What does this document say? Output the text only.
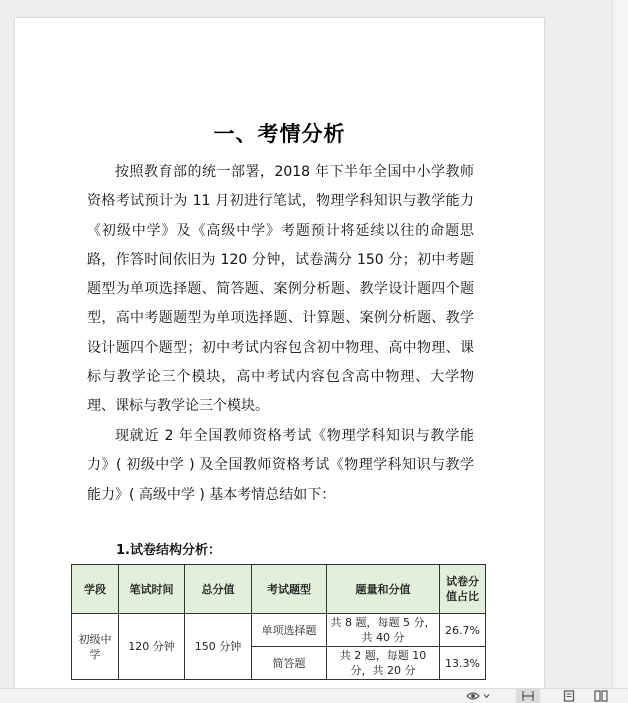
一、考情分析

按照教育部的统一部署，2018 年下半年全国中小学教师资格考试预计为 11 月初进行笔试，物理学科知识与教学能力《初级中学》及《高级中学》考题预计将延续以往的命题思路，作答时间依旧为 120 分钟，试卷满分 150 分；初中考题题型为单项选择题、简答题、案例分析题、教学设计题四个题型，高中考题题型为单项选择题、计算题、案例分析题、教学设计题四个题型；初中考试内容包含初中物理、高中物理、课标与教学论三个模块，高中考试内容包含高中物理、大学物理、课标与教学论三个模块。

现就近 2 年全国教师资格考试《物理学科知识与教学能力》( 初级中学 ) 及全国教师资格考试《物理学科知识与教学能力》( 高级中学 ) 基本考情总结如下：

1.试卷结构分析：
学段	笔试时间	总分值	考试题型	题量和分值	试卷分值占比
初级中学	120 分钟	150 分钟	单项选择题	共 8 题，每题 5 分，共 40 分	26.7%
			简答题	共 2 题，每题 10 分，共 20 分	13.3%
